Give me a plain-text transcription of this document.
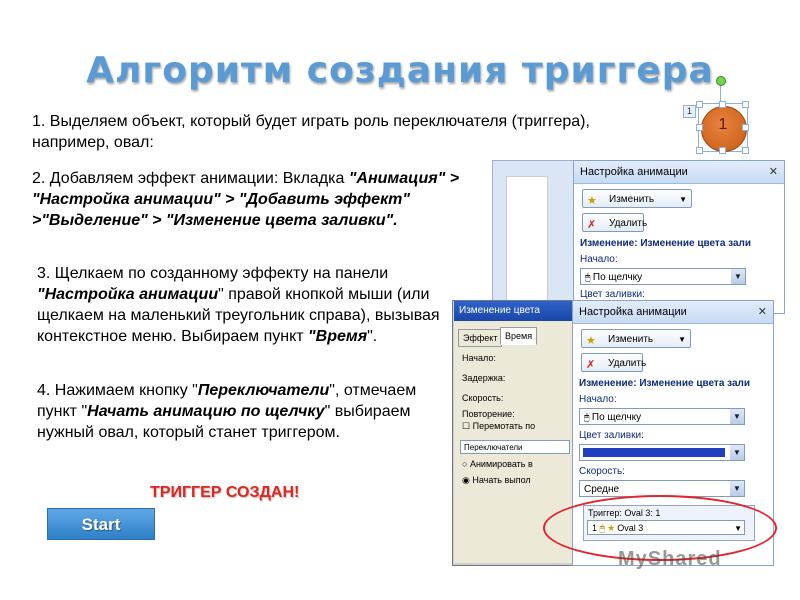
Алгоритм создания триггера
1. Выделяем объект, который будет играть роль переключателя (триггера), например, овал:
2. Добавляем эффект анимации: Вкладка "Анимация" > "Настройка анимации" > "Добавить эффект" >"Выделение" > "Изменение цвета заливки".
3. Щелкаем по созданному эффекту на панели "Настройка анимации" правой кнопкой мыши (или щелкаем на маленький треугольник справа), вызывая контекстное меню. Выбираем пункт "Время".
4. Нажимаем кнопку "Переключатели", отмечаем пункт "Начать анимацию по щелчку" выбираем нужный овал, который станет триггером.
ТРИГГЕР СОЗДАН!
Start
1
1
Настройка анимации	✕
★ Изменить	▼
✗ Удалить
Изменение: Изменение цвета зали
Начало:
🖱 По щелчку	▼
Цвет заливки:
Эффект Время
Начало:
Задержка:
Скорость:
Повторение:
☐ Перемотать по
Переключатели
○ Анимировать в
◉ Начать выпол
Изменение цвета	Настройка анимации	✕
★ Изменить	▼
✗ Удалить
Изменение: Изменение цвета зали
Начало:
🖱 По щелчку	▼
Цвет заливки:
▼
Скорость:
Средне	▼
Триггер: Oval 3: 1
1 🖱 ★ Oval 3	▼
MyShared
